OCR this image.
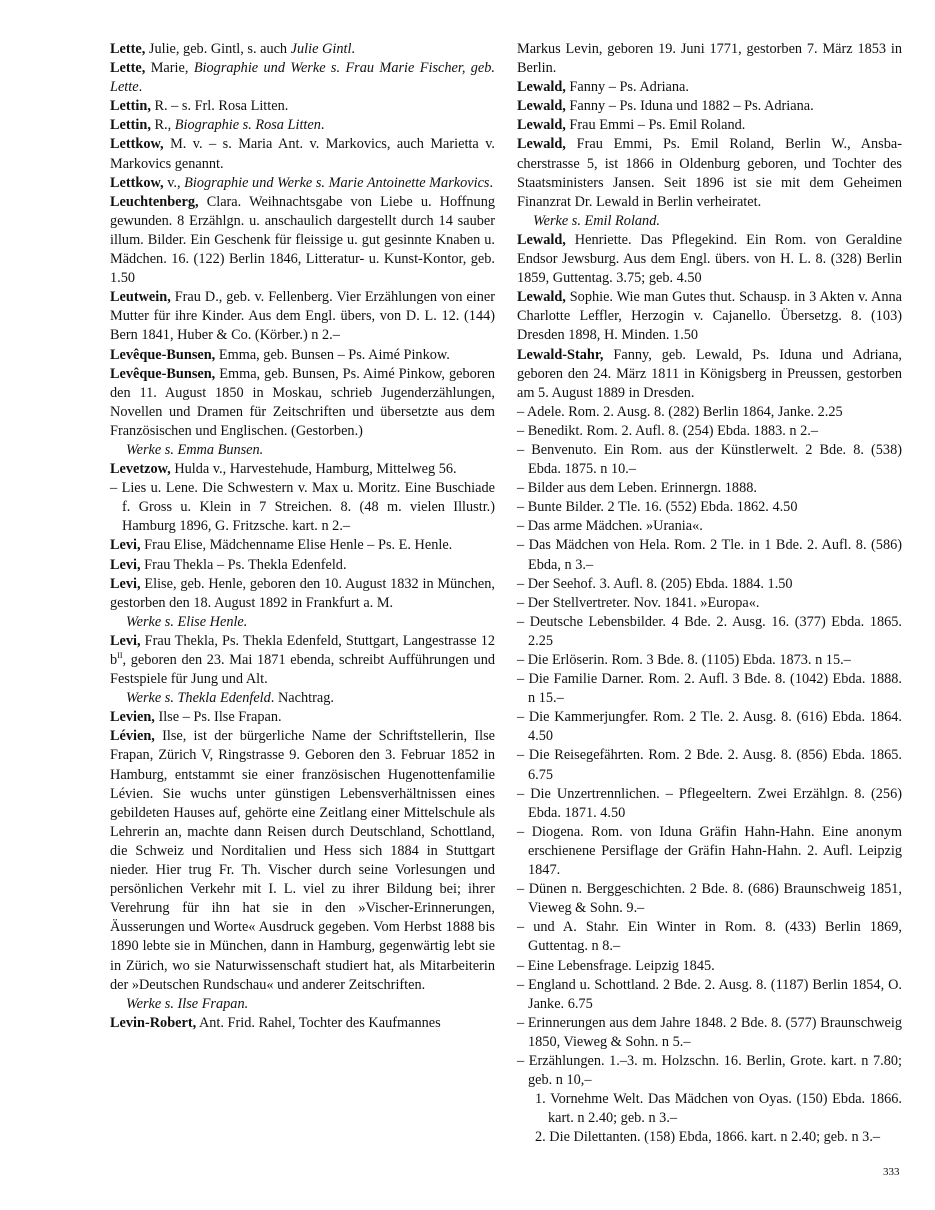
Lette, Julie, geb. Gintl, s. auch Julie Gintl.

Lette, Marie, Biographie und Werke s. Frau Marie Fischer, geb. Lette.

Lettin, R. – s. Frl. Rosa Litten.

Lettin, R., Biographie s. Rosa Litten.

Lettkow, M. v. – s. Maria Ant. v. Markovics, auch Marietta v. Markovics genannt.

Lettkow, v., Biographie und Werke s. Marie Antoinette Markovics.

Leuchtenberg, Clara. Weihnachtsgabe von Liebe u. Hoffnung gewunden. 8 Erzählgn. u. anschaulich dargestellt durch 14 sauber illum. Bilder. Ein Geschenk für fleissige u. gut gesinnte Knaben u. Mädchen. 16. (122) Berlin 1846, Litteratur- u. Kunst-Kontor, geb. 1.50

Leutwein, Frau D., geb. v. Fellenberg. Vier Erzählungen von einer Mutter für ihre Kinder. Aus dem Engl. übers, von D. L. 12. (144) Bern 1841, Huber & Co. (Körber.) n 2.–

Levêque-Bunsen, Emma, geb. Bunsen – Ps. Aimé Pinkow.

Levêque-Bunsen, Emma, geb. Bunsen, Ps. Aimé Pinkow, geboren den 11. August 1850 in Moskau, schrieb Jugenderzählungen, Novellen und Dramen für Zeitschriften und übersetzte aus dem Französischen und Englischen. (Gestorben.)

Werke s. Emma Bunsen.

Levetzow, Hulda v., Harvestehude, Hamburg, Mittelweg 56.

– Lies u. Lene. Die Schwestern v. Max u. Moritz. Eine Buschiade f. Gross u. Klein in 7 Streichen. 8. (48 m. vielen Illustr.) Hamburg 1896, G. Fritzsche. kart. n 2.–

Levi, Frau Elise, Mädchenname Elise Henle – Ps. E. Henle.

Levi, Frau Thekla – Ps. Thekla Edenfeld.

Levi, Elise, geb. Henle, geboren den 10. August 1832 in München, gestorben den 18. August 1892 in Frankfurt a. M.

Werke s. Elise Henle.

Levi, Frau Thekla, Ps. Thekla Edenfeld, Stuttgart, Langestrasse 12 $b^{II}$, geboren den 23. Mai 1871 ebenda, schreibt Aufführungen und Festspiele für Jung und Alt.

Werke s. Thekla Edenfeld. Nachtrag.

Levien, Ilse – Ps. Ilse Frapan.

Lévien, Ilse, ist der bürgerliche Name der Schriftstellerin, Ilse Frapan, Zürich V, Ringstrasse 9. Geboren den 3. Februar 1852 in Hamburg, entstammt sie einer französischen Hugenottenfamilie Lévien. Sie wuchs unter günstigen Lebensverhältnissen eines gebildeten Hauses auf, gehörte eine Zeitlang einer Mittelschule als Lehrerin an, machte dann Reisen durch Deutschland, Schottland, die Schweiz und Norditalien und Hess sich 1884 in Stuttgart nieder. Hier trug Fr. Th. Vischer durch seine Vorlesungen und persönlichen Verkehr mit I. L. viel zu ihrer Bildung bei; ihrer Verehrung für ihn hat sie in den »Vischer-Erinnerungen, Äusserungen und Worte« Ausdruck gegeben. Vom Herbst 1888 bis 1890 lebte sie in München, dann in Hamburg, gegenwärtig lebt sie in Zürich, wo sie Naturwissenschaft studiert hat, als Mitarbeiterin der »Deutschen Rundschau« und anderer Zeitschriften.

Werke s. Ilse Frapan.

Levin-Robert, Ant. Frid. Rahel, Tochter des Kaufmannes

Markus Levin, geboren 19. Juni 1771, gestorben 7. März 1853 in Berlin.

Lewald, Fanny – Ps. Adriana.

Lewald, Fanny – Ps. Iduna und 1882 – Ps. Adriana.

Lewald, Frau Emmi – Ps. Emil Roland.

Lewald, Frau Emmi, Ps. Emil Roland, Berlin W., Ansbacherstrasse 5, ist 1866 in Oldenburg geboren, und Tochter des Staatsministers Jansen. Seit 1896 ist sie mit dem Geheimen Finanzrat Dr. Lewald in Berlin verheiratet.

Werke s. Emil Roland.

Lewald, Henriette. Das Pflegekind. Ein Rom. von Geraldine Endsor Jewsburg. Aus dem Engl. übers. von H. L. 8. (328) Berlin 1859, Guttentag. 3.75; geb. 4.50

Lewald, Sophie. Wie man Gutes thut. Schausp. in 3 Akten v. Anna Charlotte Leffler, Herzogin v. Cajanello. Übersetzg. 8. (103) Dresden 1898, H. Minden. 1.50

Lewald-Stahr, Fanny, geb. Lewald, Ps. Iduna und Adriana, geboren den 24. März 1811 in Königsberg in Preussen, gestorben am 5. August 1889 in Dresden.

– Adele. Rom. 2. Ausg. 8. (282) Berlin 1864, Janke. 2.25

– Benedikt. Rom. 2. Aufl. 8. (254) Ebda. 1883. n 2.–

– Benvenuto. Ein Rom. aus der Künstlerwelt. 2 Bde. 8. (538) Ebda. 1875. n 10.–

– Bilder aus dem Leben. Erinnergn. 1888.

– Bunte Bilder. 2 Tle. 16. (552) Ebda. 1862. 4.50

– Das arme Mädchen. »Urania«.

– Das Mädchen von Hela. Rom. 2 Tle. in 1 Bde. 2. Aufl. 8. (586) Ebda, n 3.–

– Der Seehof. 3. Aufl. 8. (205) Ebda. 1884. 1.50

– Der Stellvertreter. Nov. 1841. »Europa«.

– Deutsche Lebensbilder. 4 Bde. 2. Ausg. 16. (377) Ebda. 1865. 2.25

– Die Erlöserin. Rom. 3 Bde. 8. (1105) Ebda. 1873. n 15.–

– Die Familie Darner. Rom. 2. Aufl. 3 Bde. 8. (1042) Ebda. 1888. n 15.–

– Die Kammerjungfer. Rom. 2 Tle. 2. Ausg. 8. (616) Ebda. 1864. 4.50

– Die Reisegefährten. Rom. 2 Bde. 2. Ausg. 8. (856) Ebda. 1865. 6.75

– Die Unzertrennlichen. – Pflegeeltern. Zwei Erzählgn. 8. (256) Ebda. 1871. 4.50

– Diogena. Rom. von Iduna Gräfin Hahn-Hahn. Eine anonym erschienene Persiflage der Gräfin Hahn-Hahn. 2. Aufl. Leipzig 1847.

– Dünen n. Berggeschichten. 2 Bde. 8. (686) Braunschweig 1851, Vieweg & Sohn. 9.–

– und A. Stahr. Ein Winter in Rom. 8. (433) Berlin 1869, Guttentag. n 8.–

– Eine Lebensfrage. Leipzig 1845.

– England u. Schottland. 2 Bde. 2. Ausg. 8. (1187) Berlin 1854, O. Janke. 6.75

– Erinnerungen aus dem Jahre 1848. 2 Bde. 8. (577) Braunschweig 1850, Vieweg & Sohn. n 5.–

– Erzählungen. 1.–3. m. Holzschn. 16. Berlin, Grote. kart. n 7.80; geb. n 10,–

1. Vornehme Welt. Das Mädchen von Oyas. (150) Ebda. 1866. kart. n 2.40; geb. n 3.–

2. Die Dilettanten. (158) Ebda, 1866. kart. n 2.40; geb. n 3.–

333
